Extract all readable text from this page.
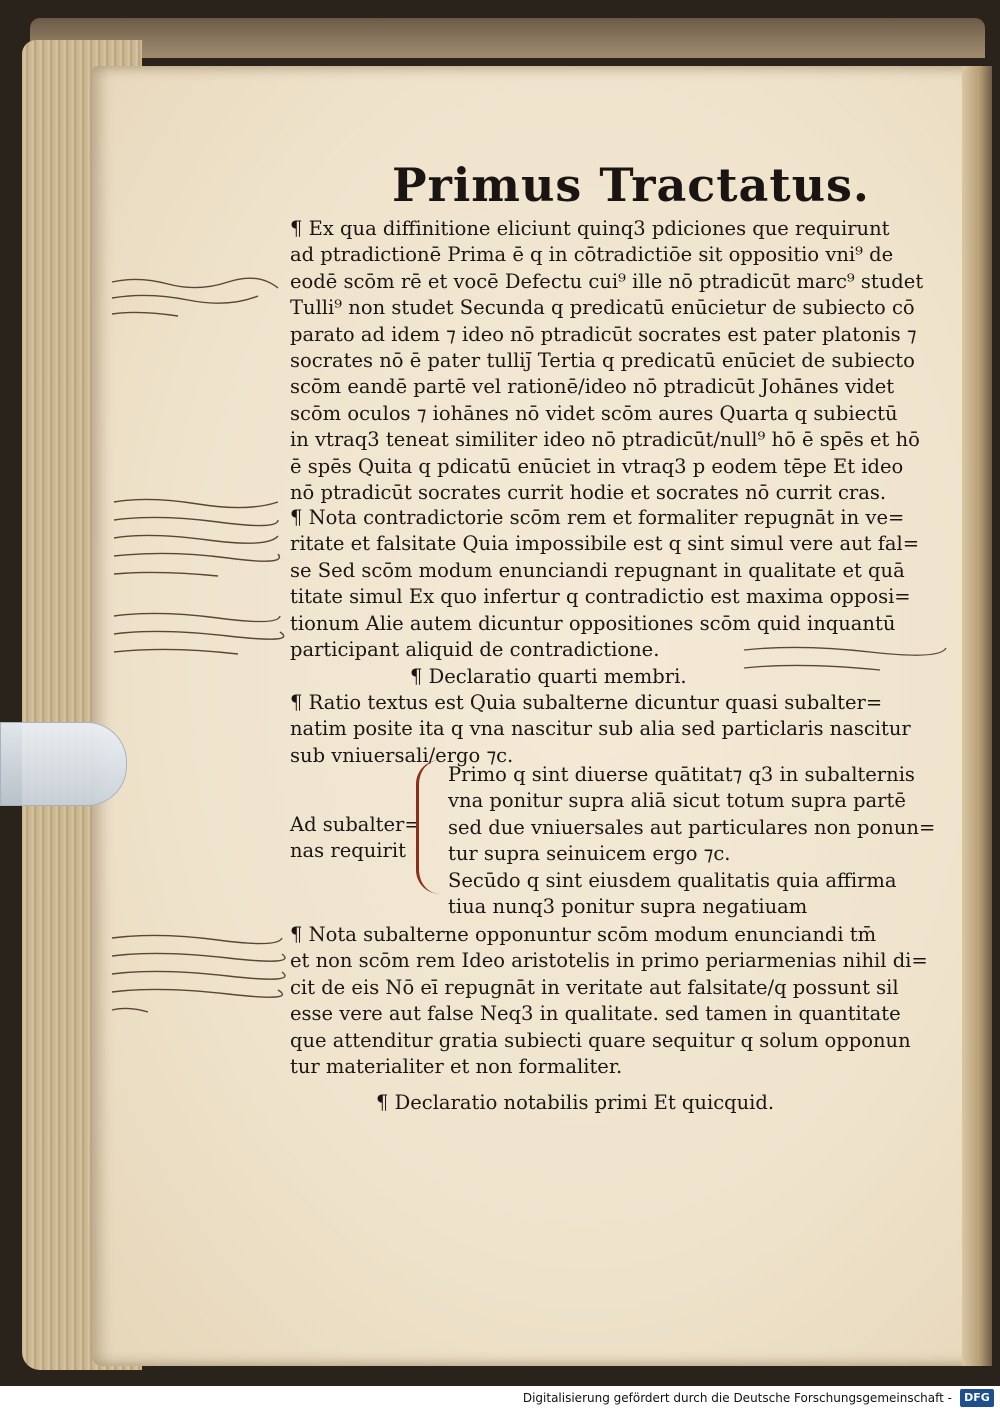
Primus Tractatus.
¶ Ex qua diffinitione eliciunt quinq3 pdiciones que requirunt
ad ptradictionē Prima ē q in cōtradictiōe sit oppositio vni⁹ de
eodē scōm rē et vocē Defectu cui⁹ ille nō ptradicūt marc⁹ studet
Tulli⁹ non studet Secunda q predicatū enūcietur de subiecto cō
parato ad idem ⁊ ideo nō ptradicūt socrates est pater platonis ⁊
socrates nō ē pater tulliȷ̄ Tertia q predicatū enūciet de subiecto
scōm eandē partē vel rationē/ideo nō ptradicūt Johānes videt
scōm oculos ⁊ iohānes nō videt scōm aures Quarta q subiectū
in vtraq3 teneat similiter ideo nō ptradicūt/null⁹ hō ē spēs et hō
ē spēs Quita q pdicatū enūciet in vtraq3 p eodem tēpe Et ideo
nō ptradicūt socrates currit hodie et socrates nō currit cras.
¶ Nota contradictorie scōm rem et formaliter repugnāt in ve=
ritate et falsitate Quia impossibile est q sint simul vere aut fal=
se Sed scōm modum enunciandi repugnant in qualitate et quā
titate simul Ex quo infertur q contradictio est maxima opposi=
tionum Alie autem dicuntur oppositiones scōm quid inquantū
participant aliquid de contradictione.
¶ Declaratio quarti membri.
¶ Ratio textus est Quia subalterne dicuntur quasi subalter=
natim posite ita q vna nascitur sub alia sed particlaris nascitur
sub vniuersali/ergo ⁊c.
Ad subalter=
nas requirit
Primo q sint diuerse quātitat⁊ q3 in subalternis
vna ponitur supra aliā sicut totum supra partē
sed due vniuersales aut particulares non ponun=
tur supra seinuicem ergo ⁊c.
Secūdo q sint eiusdem qualitatis quia affirma
tiua nunq3 ponitur supra negatiuam
¶ Nota subalterne opponuntur scōm modum enunciandi tm̄
et non scōm rem Ideo aristotelis in primo periarmenias nihil di=
cit de eis Nō eī repugnāt in veritate aut falsitate/q possunt sil
esse vere aut false Neq3 in qualitate. sed tamen in quantitate
que attenditur gratia subiecti quare sequitur q solum opponun
tur materialiter et non formaliter.
¶ Declaratio notabilis primi Et quicquid.
Digitalisierung gefördert durch die Deutsche Forschungsgemeinschaft -	DFG
